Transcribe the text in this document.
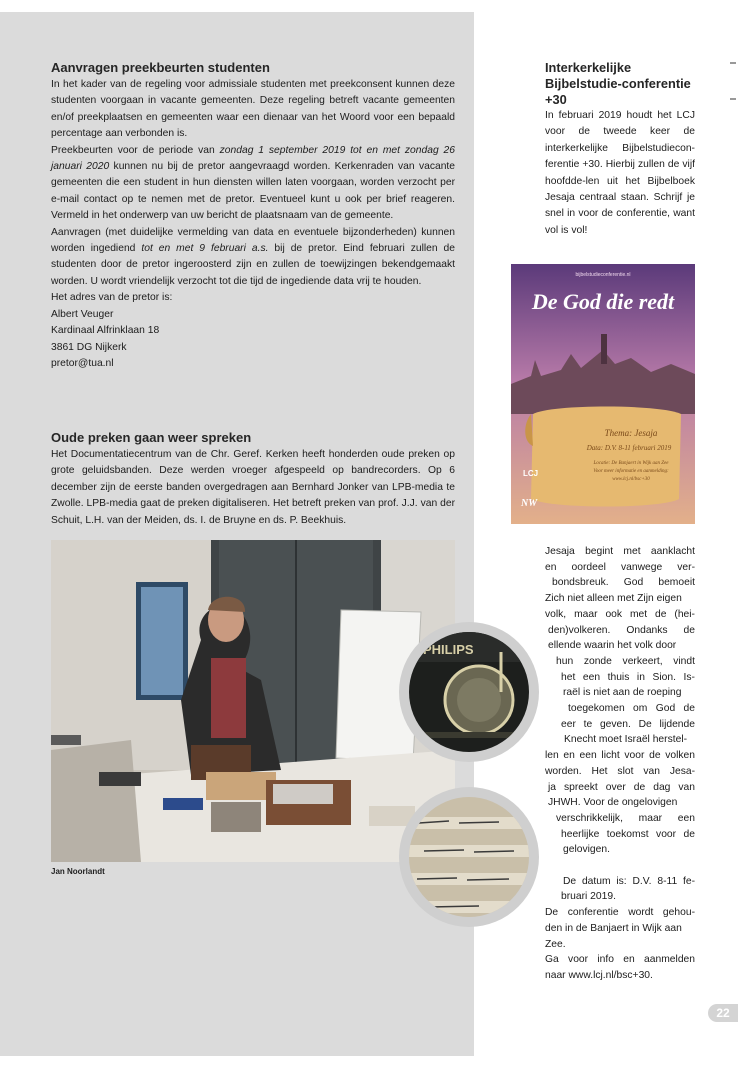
Aanvragen preekbeurten studenten

In het kader van de regeling voor admissiale studenten met preekconsent kunnen deze studenten voorgaan in vacante gemeenten. Deze regeling betreft vacante gemeenten en/of preekplaatsen en gemeenten waar een dienaar van het Woord voor een bepaald percentage aan verbonden is.

Preekbeurten voor de periode van zondag 1 september 2019 tot en met zondag 26 januari 2020 kunnen nu bij de pretor aangevraagd worden. Kerkenraden van vacante gemeenten die een student in hun diensten willen laten voorgaan, worden verzocht per e-mail contact op te nemen met de pretor. Eventueel kunt u ook per brief reageren. Vermeld in het onderwerp van uw bericht de plaatsnaam van de gemeente.

Aanvragen (met duidelijke vermelding van data en eventuele bijzonderheden) kunnen worden ingediend tot en met 9 februari a.s. bij de pretor. Eind februari zullen de studenten door de pretor ingeroosterd zijn en zullen de toewijzingen bekendgemaakt worden. U wordt vriendelijk verzocht tot die tijd de ingediende data vrij te houden.

Het adres van de pretor is:

Albert Veuger

Kardinaal Alfrinklaan 18

3861 DG Nijkerk

pretor@tua.nl

Oude preken gaan weer spreken

Het Documentatiecentrum van de Chr. Geref. Kerken heeft honderden oude preken op grote geluidsbanden. Deze werden vroeger afgespeeld op bandrecorders. Op 6 december zijn de eerste banden overgedragen aan Bernhard Jonker van LPB-media te Zwolle. LPB-media gaat de preken digitaliseren. Het betreft preken van prof. J.J. van der Schuit, L.H. van der Meiden, ds. I. de Bruyne en ds. P. Beekhuis.

Jan Noorlandt
PHILIPS
Interkerkelijke Bijbelstudie-conferentie +30

In februari 2019 houdt het LCJ voor de tweede keer de interkerkelijke Bijbelstudiecon-ferentie +30. Hierbij zullen de vijf hoofdde-len uit het Bijbelboek Jesaja centraal staan. Schrijf je snel in voor de conferentie, want vol is vol!

bijbelstudieconferentie.nl
De God die redt
Thema: Jesaja
Data: D.V. 8-11 februari 2019
Locatie: De Banjaert in Wijk aan Zee
Voor meer informatie en aanmelding:
www.lcj.nl/bsc+30
LCJ
NW
Jesaja begint met aanklacht
en oordeel vanwege ver-
bondsbreuk. God bemoeit
Zich niet alleen met Zijn eigen
volk, maar ook met de (hei-
den)volkeren. Ondanks de
ellende waarin het volk door
hun zonde verkeert, vindt
het een thuis in Sion. Is-
raël is niet aan de roeping
toegekomen om God de
eer te geven. De lijdende
Knecht moet Israël herstel-
len en een licht voor de volken
worden. Het slot van Jesa-
ja spreekt over de dag van
JHWH. Voor de ongelovigen
verschrikkelijk, maar een
heerlijke toekomst voor de
gelovigen.
De datum is: D.V. 8-11 fe-
bruari 2019.
De conferentie wordt gehou-
den in de Banjaert in Wijk aan
Zee.
Ga voor info en aanmelden
naar www.lcj.nl/bsc+30.
22
